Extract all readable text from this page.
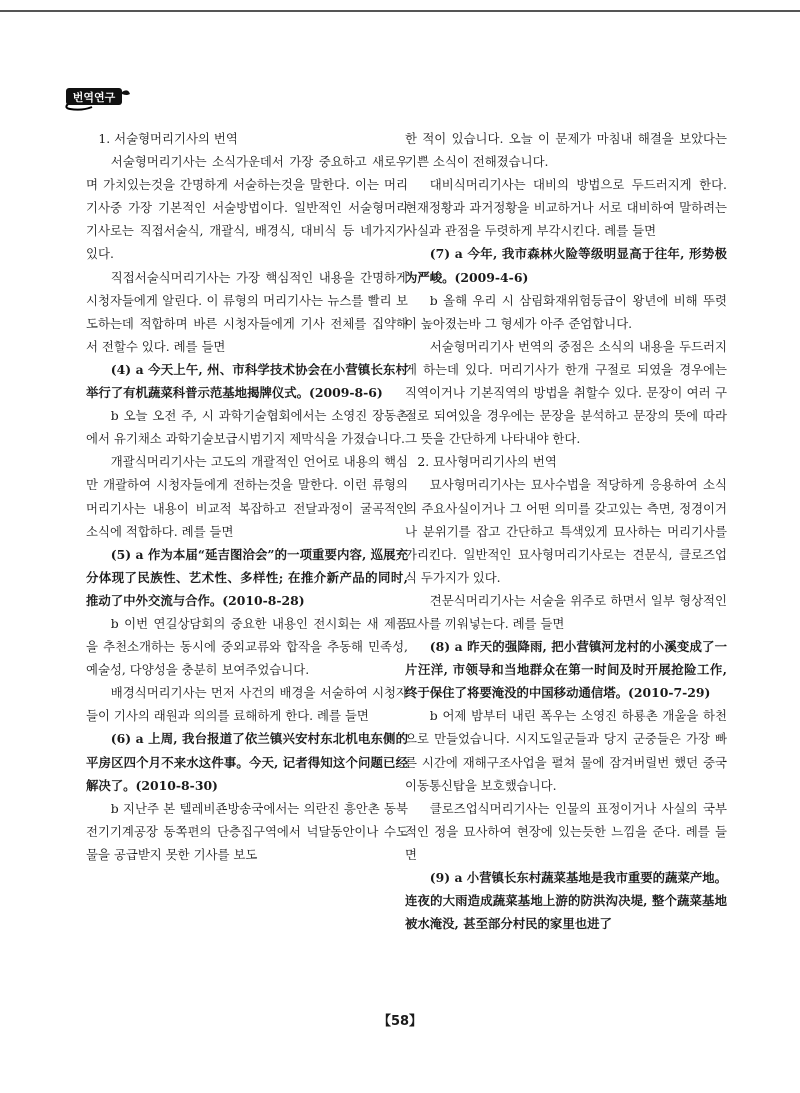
번역연구

1. 서술형머리기사의 번역

서술형머리기사는 소식가운데서 가장 중요하고 새로우며 가치있는것을 간명하게 서술하는것을 말한다. 이는 머리기사중 가장 기본적인 서술방법이다. 일반적인 서술형머리기사로는 직접서술식, 개괄식, 배경식, 대비식 등 네가지가 있다.

직접서술식머리기사는 가장 핵심적인 내용을 간명하게 시청자들에게 알린다. 이 류형의 머리기사는 뉴스를 빨리 보도하는데 적합하며 바른 시청자들에게 기사 전체를 집약해서 전할수 있다. 례를 들면

(4) a 今天上午, 州、市科学技术协会在小营镇长东村举行了有机蔬菜科普示范基地揭牌仪式。(2009-8-6)

b 오늘 오전 주, 시 과학기술협회에서는 소영진 장동촌에서 유기채소 과학기술보급시범기지 제막식을 가졌습니다.

개괄식머리기사는 고도의 개괄적인 언어로 내용의 핵심만 개괄하여 시청자들에게 전하는것을 말한다. 이런 류형의 머리기사는 내용이 비교적 복잡하고 전달과정이 굴곡적인 소식에 적합하다. 례를 들면

(5) a 作为本届“延吉图洽会”的一项重要内容, 巡展充分体现了民族性、艺术性、多样性; 在推介新产品的同时, 推动了中外交流与合作。(2010-8-28)

b 이번 연길상담회의 중요한 내용인 전시회는 새 제품을 추천소개하는 동시에 중외교류와 합작을 추동해 민족성, 예술성, 다양성을 충분히 보여주었습니다.

배경식머리기사는 먼저 사건의 배경을 서술하여 시청자들이 기사의 래원과 의의를 료해하게 한다. 례를 들면

(6) a 上周, 我台报道了依兰镇兴安村东北机电东侧的平房区四个月不来水这件事。今天, 记者得知这个问题已经解决了。(2010-8-30)

b 지난주 본 텔레비죤방송국에서는 의란진 흥안촌 동북전기기계공장 동쪽편의 단층집구역에서 넉달동안이나 수도물을 공급받지 못한 기사를 보도

한 적이 있습니다. 오늘 이 문제가 마침내 해결을 보았다는 기쁜 소식이 전해졌습니다.

대비식머리기사는 대비의 방법으로 두드러지게 한다. 현재정황과 과거정황을 비교하거나 서로 대비하여 말하려는 사실과 관점을 두렷하게 부각시킨다. 례를 들면

(7) a 今年, 我市森林火险等级明显高于往年, 形势极为严峻。(2009-4-6)

b 올해 우리 시 삼림화재위험등급이 왕년에 비해 뚜렷이 높아졌는바 그 형세가 아주 준엄합니다.

서술형머리기사 번역의 중점은 소식의 내용을 두드러지게 하는데 있다. 머리기사가 한개 구절로 되였을 경우에는 직역이거나 기본직역의 방법을 취할수 있다. 문장이 여러 구절로 되여있을 경우에는 문장을 분석하고 문장의 뜻에 따라 그 뜻을 간단하게 나타내야 한다.

2. 묘사형머리기사의 번역

묘사형머리기사는 묘사수법을 적당하게 응용하여 소식의 주요사실이거나 그 어떤 의미를 갖고있는 측면, 정경이거나 분위기를 잡고 간단하고 특색있게 묘사하는 머리기사를 가리킨다. 일반적인 묘사형머리기사로는 견문식, 클로즈업식 두가지가 있다.

견문식머리기사는 서술을 위주로 하면서 일부 형상적인 묘사를 끼워넣는다. 례를 들면

(8) a 昨天的强降雨, 把小营镇河龙村的小溪变成了一片汪洋, 市领导和当地群众在第一时间及时开展抢险工作, 终于保住了将要淹没的中国移动通信塔。(2010-7-29)

b 어제 밤부터 내린 폭우는 소영진 하룡촌 개울을 하천으로 만들었습니다. 시지도일군들과 당지 군중들은 가장 빠른 시간에 재해구조사업을 펼쳐 물에 잠겨버릴번 했던 중국이동통신탑을 보호했습니다.

클로즈업식머리기사는 인물의 표정이거나 사실의 국부적인 정을 묘사하여 현장에 있는듯한 느낌을 준다. 례를 들면

(9) a 小营镇长东村蔬菜基地是我市重要的蔬菜产地。连夜的大雨造成蔬菜基地上游的防洪沟决堤, 整个蔬菜基地被水淹没, 甚至部分村民的家里也进了

【58】
